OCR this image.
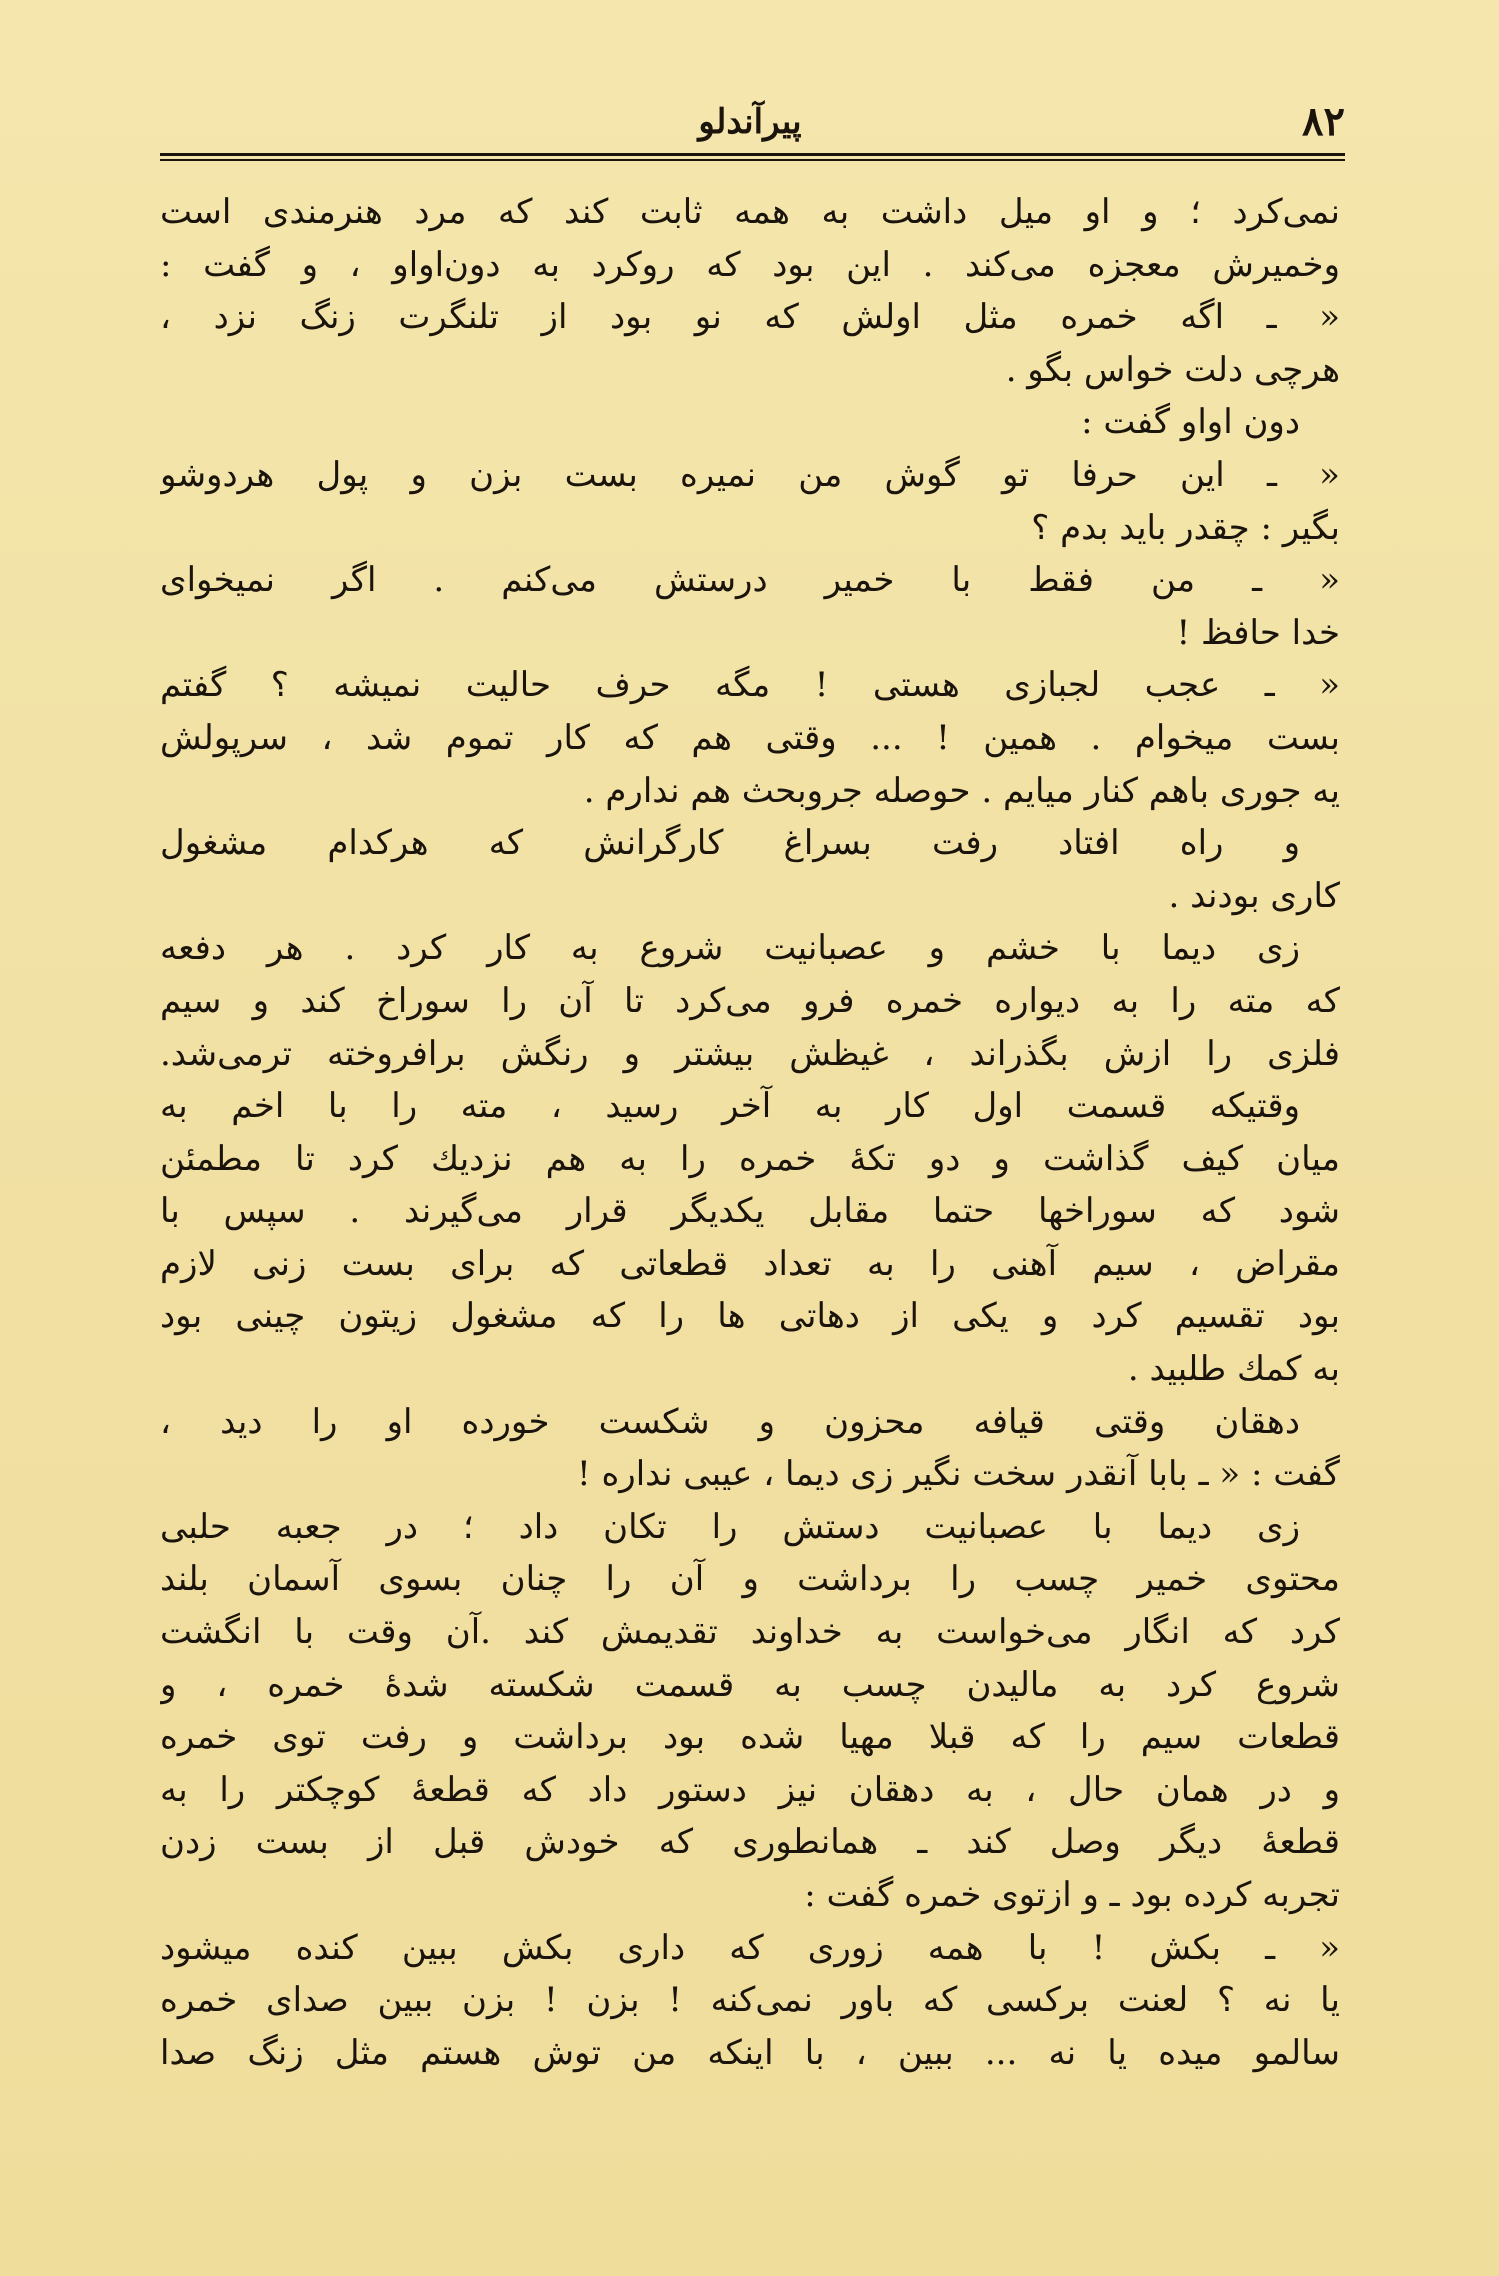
٨٢
پیرآندلو
نمی‌کرد ؛ و او میل داشت به همه ثابت کند که مرد هنرمندی است
وخمیرش معجزه می‌کند . این بود که روکرد به دون‌اواو ، و گفت :
« ـ اگه خمره مثل اولش که نو بود از تلنگرت زنگ نزد ،
هرچی دلت خواس بگو .
دون اواو گفت :
« ـ این حرفا تو گوش من نمیره بست بزن و پول هردوشو
بگیر : چقدر باید بدم ؟
« ـ من فقط با خمیر درستش می‌کنم . اگر نمیخوای
خدا حافظ !
« ـ عجب لجبازی هستی ! مگه حرف حالیت نمیشه ؟ گفتم
بست میخوام . همین ! ... وقتی هم که کار تموم شد ، سرپولش
یه جوری باهم کنار میایم . حوصله جروبحث هم ندارم .
و راه افتاد رفت بسراغ کارگرانش که هرکدام مشغول
کاری بودند .
زی دیما با خشم و عصبانیت شروع به کار کرد . هر دفعه
که مته را به دیواره خمره فرو می‌کرد تا آن را سوراخ کند و سیم
فلزی را ازش بگذراند ، غیظش بیشتر و رنگش برافروخته ترمی‌شد.
وقتیکه قسمت اول کار به آخر رسید ، مته را با اخم به
میان کیف گذاشت و دو تکهٔ خمره را به هم نزدیك کرد تا مطمئن
شود که سوراخها حتما مقابل یکدیگر قرار می‌گیرند . سپس با
مقراض ، سیم آهنی را به تعداد قطعاتی که برای بست زنی لازم
بود تقسیم کرد و یکی از دهاتی ها را که مشغول زیتون چینی بود
به کمك طلبید .
دهقان وقتی قیافه محزون و شکست خورده او را دید ،
گفت : « ـ بابا آنقدر سخت نگیر زی دیما ، عیبی نداره !
زی دیما با عصبانیت دستش را تکان داد ؛ در جعبه حلبی
محتوی خمیر چسب را برداشت و آن را چنان بسوی آسمان بلند
کرد که انگار می‌خواست به خداوند تقدیمش کند .آن وقت با انگشت
شروع کرد به مالیدن چسب به قسمت شکسته شدهٔ خمره ، و
قطعات سیم را که قبلا مهیا شده بود برداشت و رفت توی خمره
و در همان حال ، به دهقان نیز دستور داد که قطعهٔ کوچکتر را به
قطعهٔ دیگر وصل کند ـ همانطوری که خودش قبل از بست زدن
تجربه کرده بود ـ و ازتوی خمره گفت :
« ـ بکش ! با همه زوری که داری بکش ببین کنده میشود
یا نه ؟ لعنت برکسی که باور نمی‌کنه ! بزن ! بزن ببین صدای خمره
سالمو میده یا نه ... ببین ، با اینکه من توش هستم مثل زنگ صدا
